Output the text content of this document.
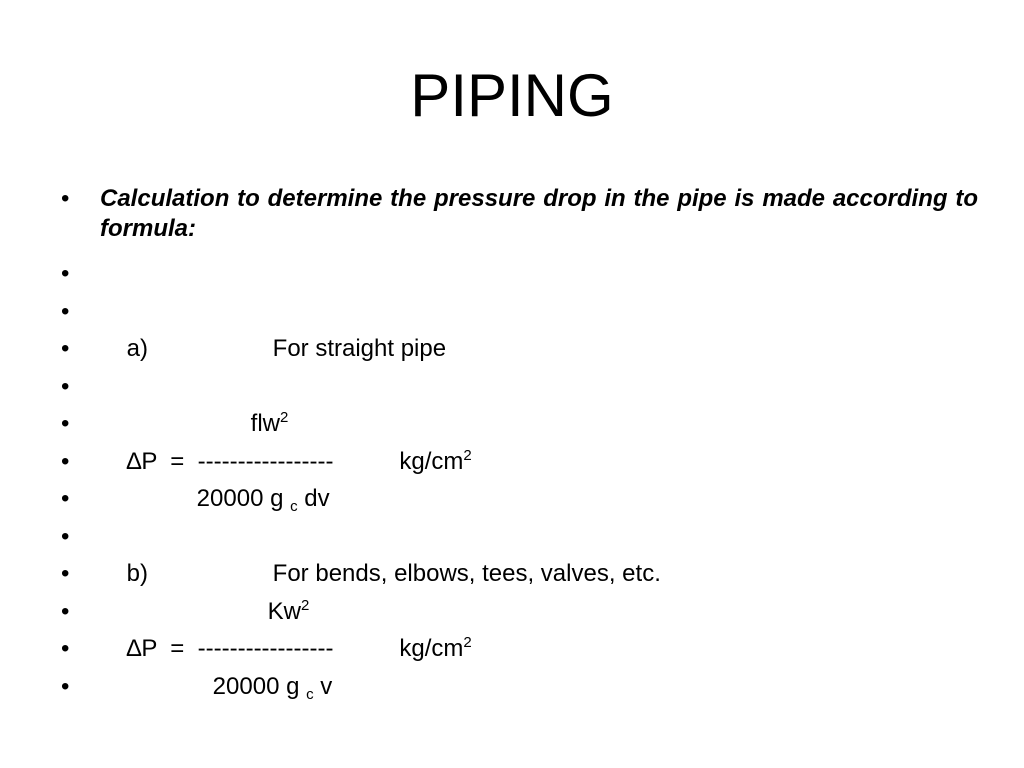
PIPING
• Calculation to determine the pressure drop in the pipe is made according to formula:
•

• a)	For straight pipe

•

• flw$^2$

• ∆P  =  -----------------	$kg/cm^2$

• 20000 g $_c$ dv

•

• b)	For bends, elbows, tees, valves, etc.

• Kw$^2$

• ∆P  =  -----------------	$kg/cm^2$

• 20000 g $_c$ v

•
